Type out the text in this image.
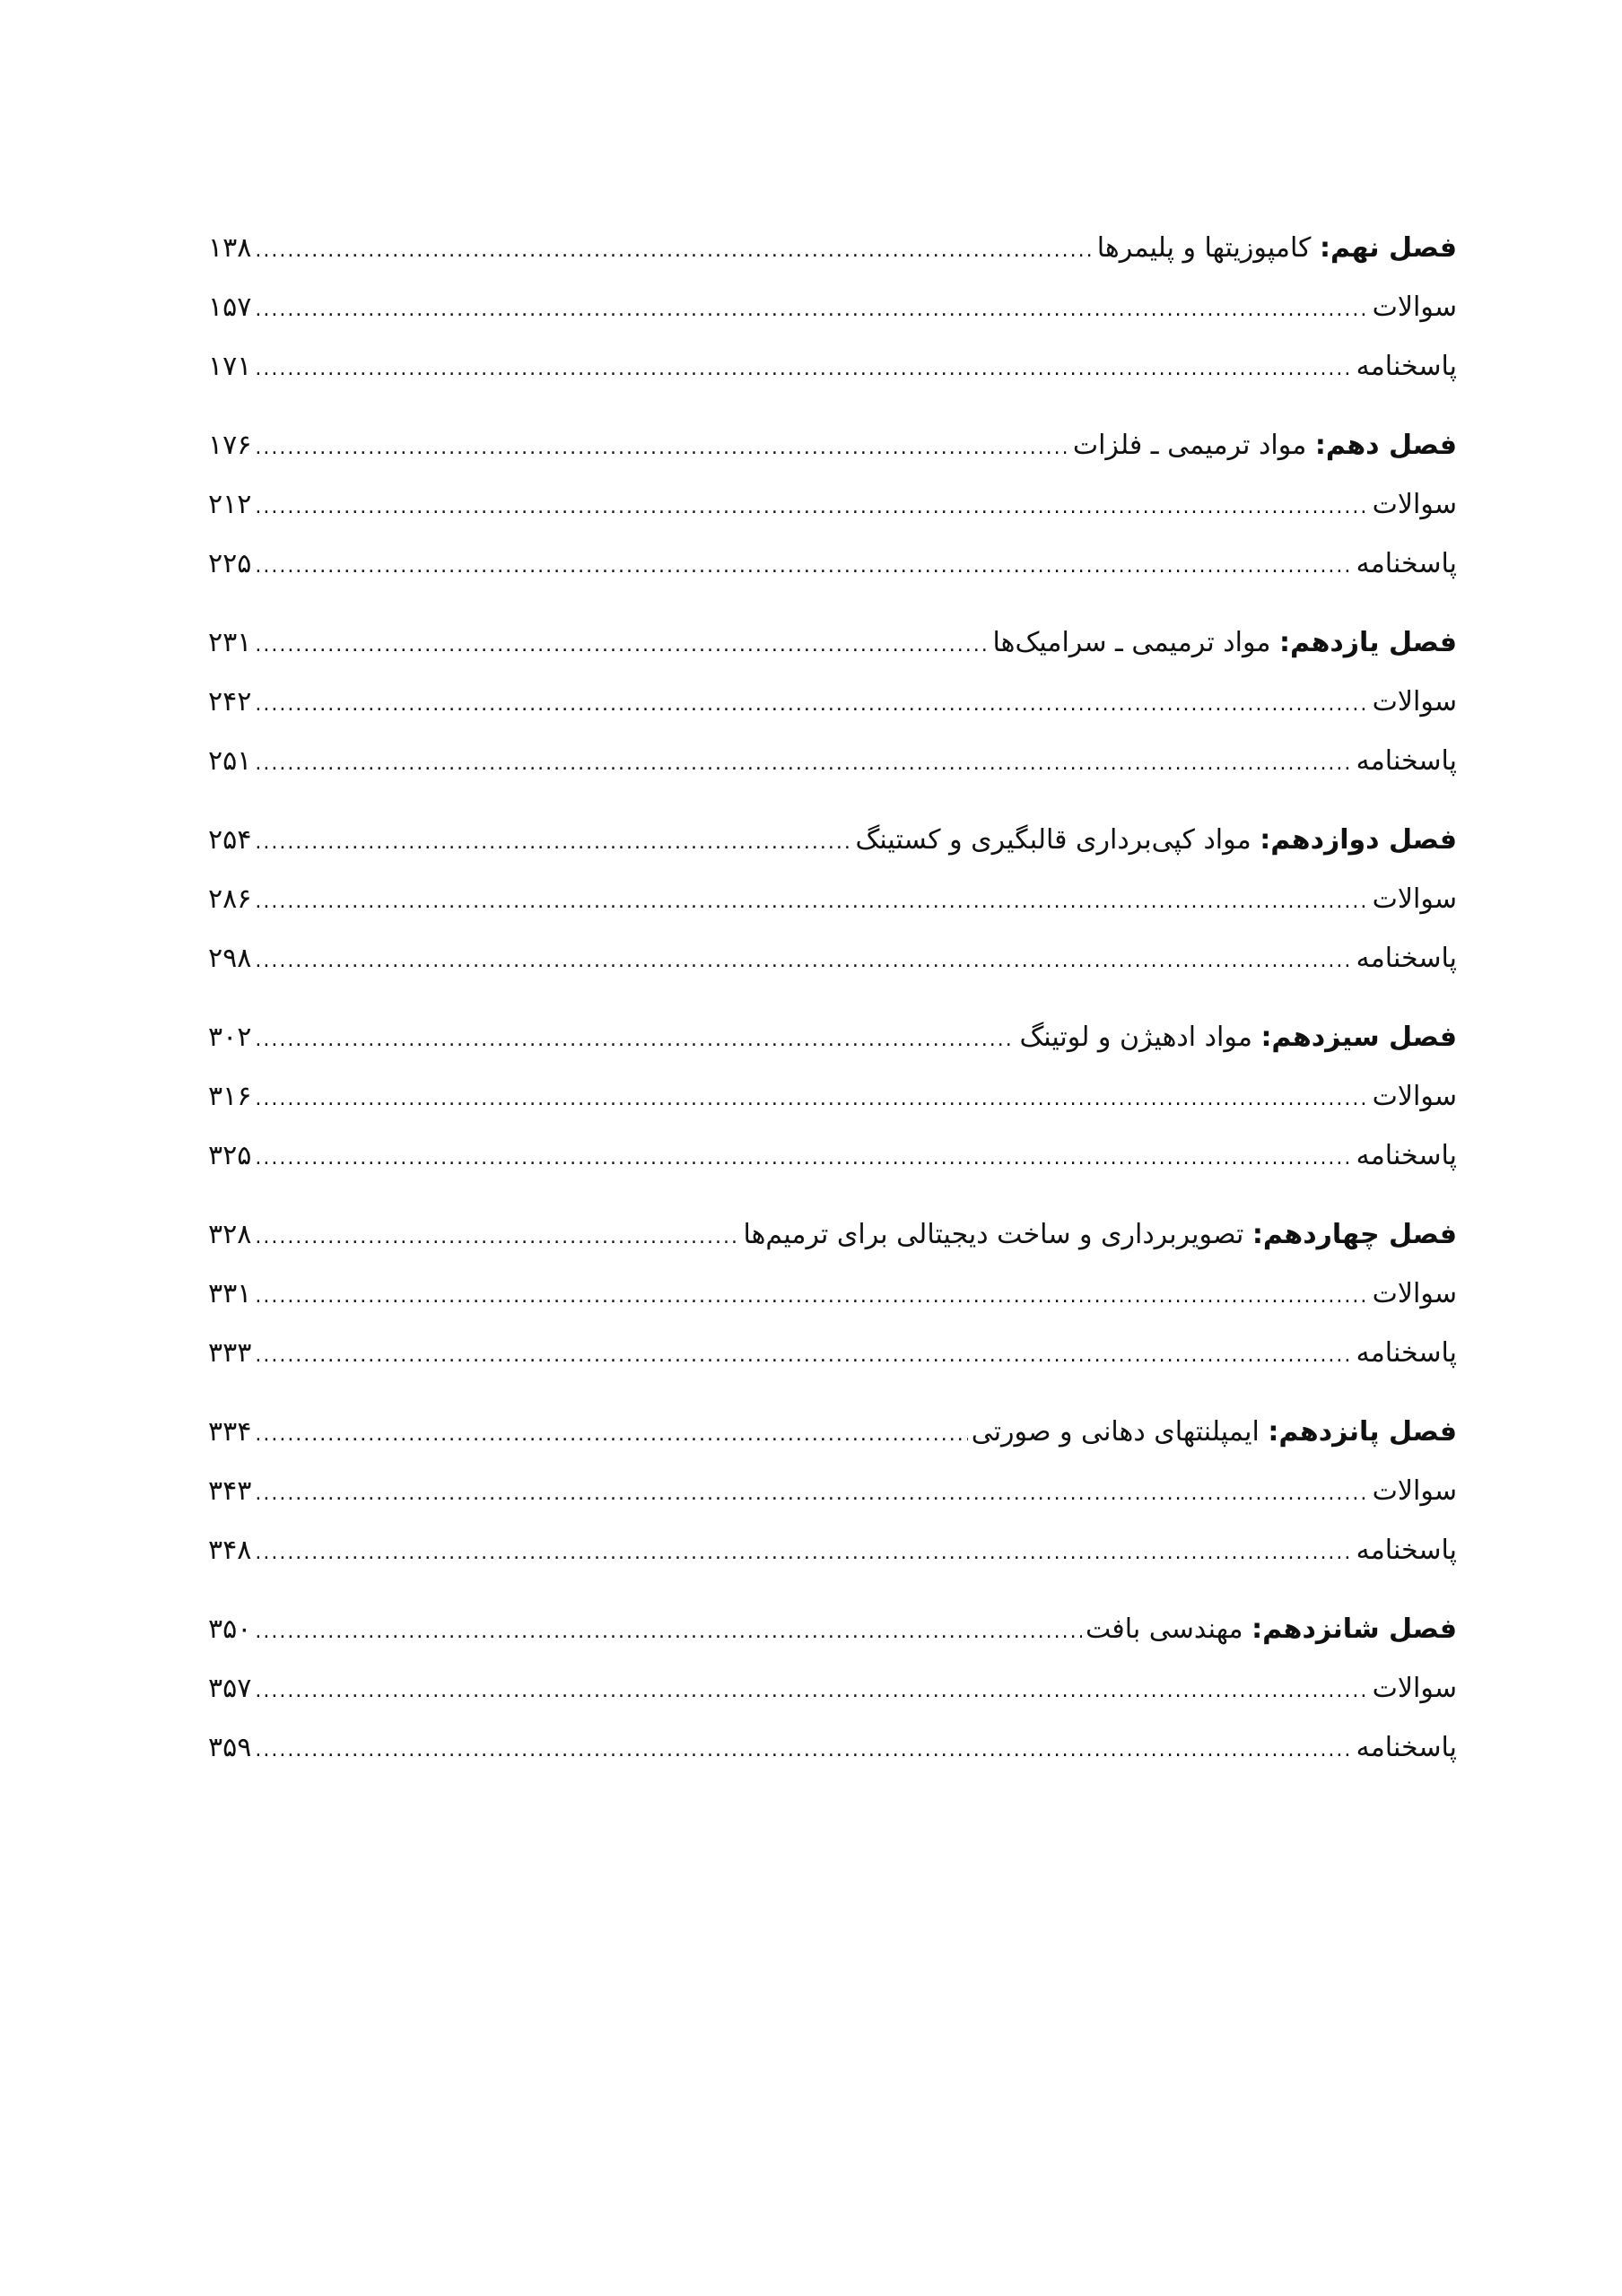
فصل نهم: کامپوزیتها و پلیمرها
.....
۱۳۸
سوالات
.....
۱۵۷
پاسخنامه
.....
۱۷۱
فصل دهم: مواد ترمیمی ـ فلزات
.....
۱۷۶
سوالات
.....
۲۱۲
پاسخنامه
.....
۲۲۵
فصل یازدهم: مواد ترمیمی ـ سرامیک‌ها
.....
۲۳۱
سوالات
.....
۲۴۲
پاسخنامه
.....
۲۵۱
فصل دوازدهم: مواد کپی‌برداری قالبگیری و کستینگ
.....
۲۵۴
سوالات
.....
۲۸۶
پاسخنامه
.....
۲۹۸
فصل سیزدهم: مواد ادهیژن و لوتینگ
.....
۳۰۲
سوالات
.....
۳۱۶
پاسخنامه
.....
۳۲۵
فصل چهاردهم: تصویربرداری و ساخت دیجیتالی برای ترمیم‌ها
.....
۳۲۸
سوالات
.....
۳۳۱
پاسخنامه
.....
۳۳۳
فصل پانزدهم: ایمپلنتهای دهانی و صورتی
.....
۳۳۴
سوالات
.....
۳۴۳
پاسخنامه
.....
۳۴۸
فصل شانزدهم: مهندسی بافت
.....
۳۵۰
سوالات
.....
۳۵۷
پاسخنامه
.....
۳۵۹
